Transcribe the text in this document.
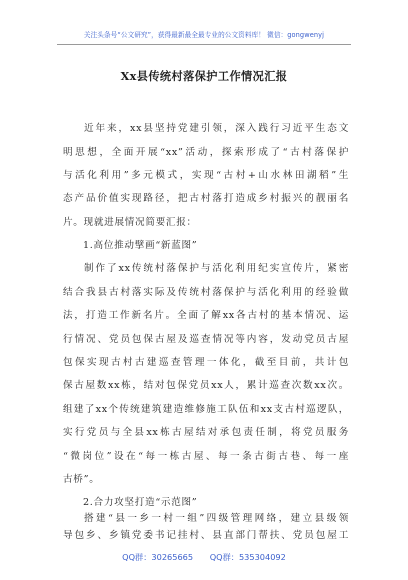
关注头条号“公文研究”，获得最新最全最专业的公文资料库！ 微信：gongwenyj
Xx县传统村落保护工作情况汇报
近年来，xx县坚持党建引领，深入践行习近平生态文
明思想，全面开展“xx”活动，探索形成了“古村落保护
与活化利用”多元模式，实现“古村+山水林田湖稻”生
态产品价值实现路径，把古村落打造成乡村振兴的靓丽名
片。现就进展情况简要汇报：
1.高位推动擘画“新蓝图”
制作了xx传统村落保护与活化利用纪实宣传片，紧密
结合我县古村落实际及传统村落保护与活化利用的经验做
法，打造工作新名片。全面了解xx各古村的基本情况、运
行情况、党员包保古屋及巡查情况等内容，发动党员古屋
包保实现古村古建巡查管理一体化，截至目前，共计包
保古屋数xx栋，结对包保党员xx人，累计巡查次数xx次。
组建了xx个传统建筑建造维修施工队伍和xx支古村巡逻队，
实行党员与全县xx栋古屋结对承包责任制，将党员服务
“微岗位”设在“每一栋古屋、每一条古街古巷、每一座
古桥”。
2.合力攻坚打造“示范图”
搭建“县一乡一村一组”四级管理网络，建立县级领
导包乡、乡镇党委书记挂村、县直部门帮扶、党员包屋工
QQ群：30265665 QQ群：535304092
